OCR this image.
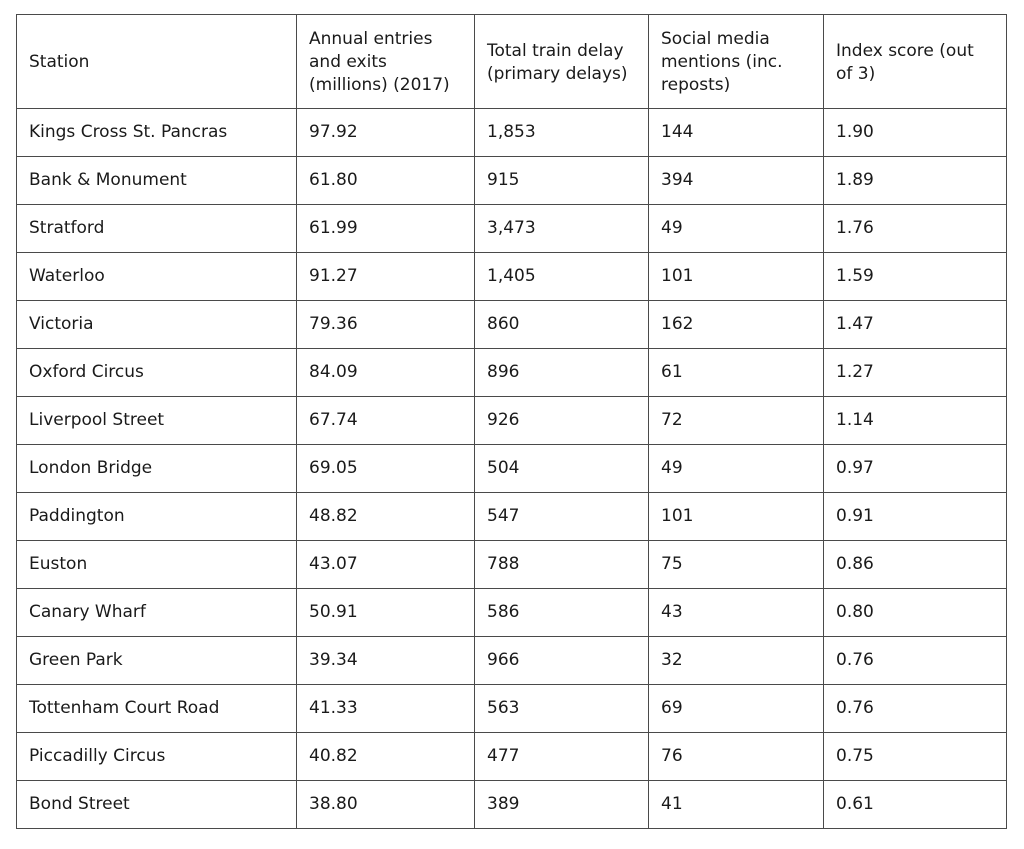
Station	Annual entries and exits (millions) (2017)	Total train delay (primary delays)	Social media mentions (inc. reposts)	Index score (out of 3)
Kings Cross St. Pancras	97.92	1,853	144	1.90
Bank & Monument	61.80	915	394	1.89
Stratford	61.99	3,473	49	1.76
Waterloo	91.27	1,405	101	1.59
Victoria	79.36	860	162	1.47
Oxford Circus	84.09	896	61	1.27
Liverpool Street	67.74	926	72	1.14
London Bridge	69.05	504	49	0.97
Paddington	48.82	547	101	0.91
Euston	43.07	788	75	0.86
Canary Wharf	50.91	586	43	0.80
Green Park	39.34	966	32	0.76
Tottenham Court Road	41.33	563	69	0.76
Piccadilly Circus	40.82	477	76	0.75
Bond Street	38.80	389	41	0.61
